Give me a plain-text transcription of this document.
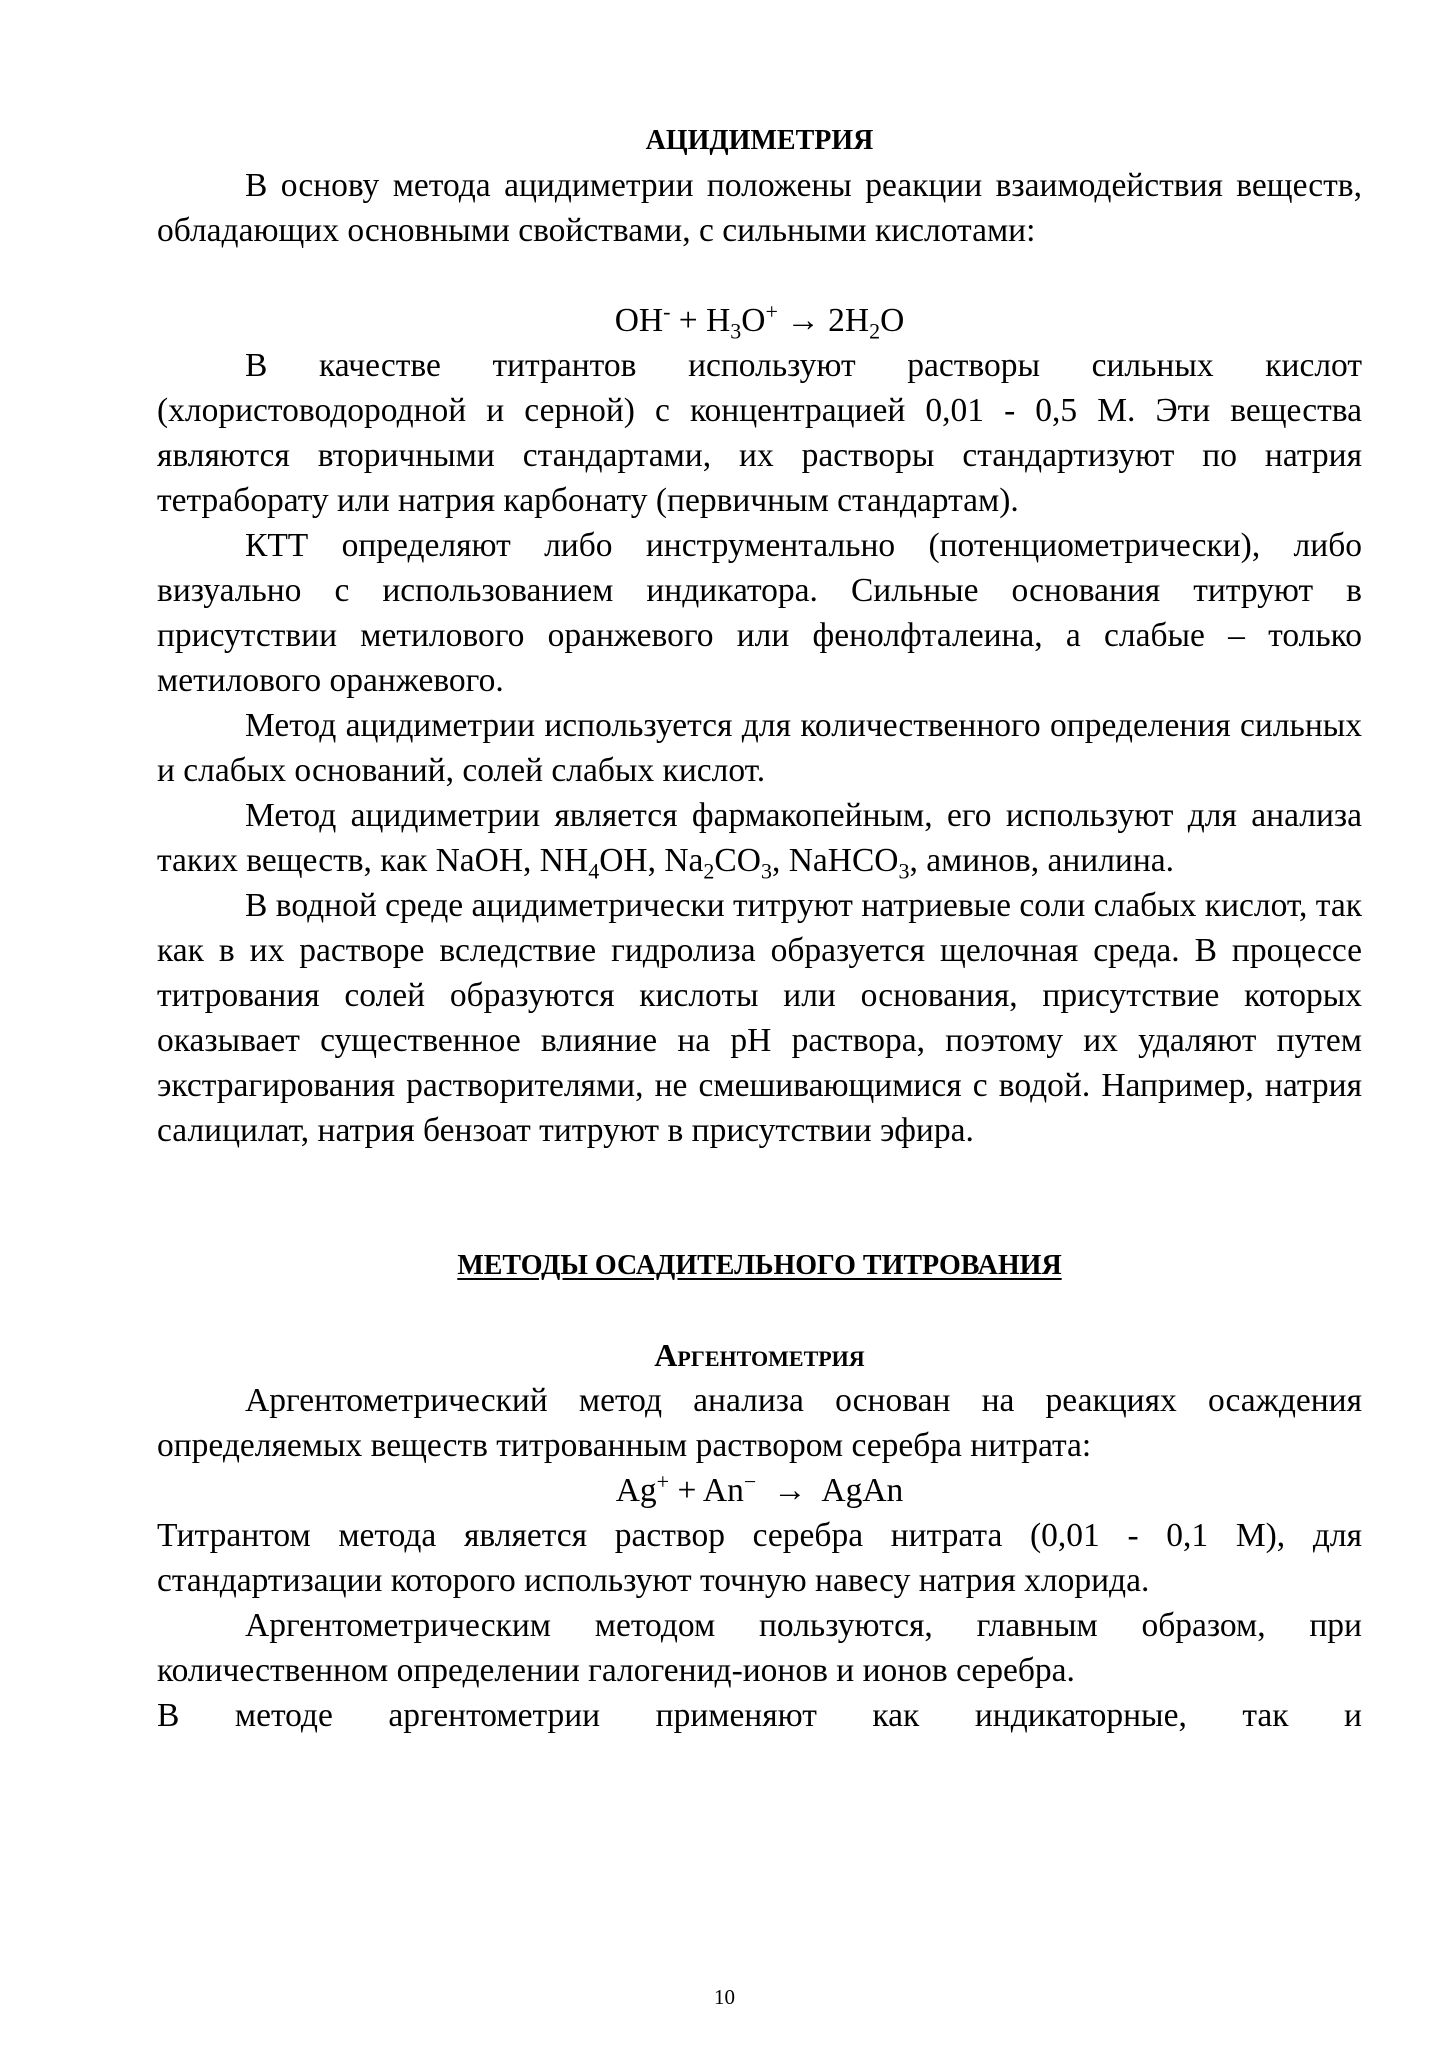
АЦИДИМЕТРИЯ

В основу метода ацидиметрии положены реакции взаимодействия веществ, обладающих основными свойствами, с сильными кислотами:

$OH^- + H_3O^+ \to 2H_2O$

В качестве титрантов используют растворы сильных кислот (хлористоводородной и серной) с концентрацией 0,01 - 0,5 М. Эти вещества являются вторичными стандартами, их растворы стандартизуют по натрия тетраборату или натрия карбонату (первичным стандартам).

КТТ определяют либо инструментально (потенциометрически), либо визуально с использованием индикатора. Сильные основания титруют в присутствии метилового оранжевого или фенолфталеина, а слабые – только метилового оранжевого.

Метод ацидиметрии используется для количественного определения сильных и слабых оснований, солей слабых кислот.

Метод ацидиметрии является фармакопейным, его используют для анализа таких веществ, как NaOH, $NH_4OH$, $Na_2CO_3$, NaHCO$_3$, аминов, анилина.

В водной среде ацидиметрически титруют натриевые соли слабых кислот, так как в их растворе вследствие гидролиза образуется щелочная среда. В процессе титрования солей образуются кислоты или основания, присутствие которых оказывает существенное влияние на pH раствора, поэтому их удаляют путем экстрагирования растворителями, не смешивающимися с водой. Например, натрия салицилат, натрия бензоат титруют в присутствии эфира.

МЕТОДЫ ОСАДИТЕЛЬНОГО ТИТРОВАНИЯ
Аргентометрия

Аргентометрический метод анализа основан на реакциях осаждения определяемых веществ титрованным раствором серебра нитрата:

Ag+ + An−  →  AgAn

Титрантом метода является раствор серебра нитрата (0,01 - 0,1 М), для стандартизации которого используют точную навесу натрия хлорида.

Аргентометрическим методом пользуются, главным образом, при количественном определении галогенид-ионов и ионов серебра.

В методе аргентометрии применяют как индикаторные, так и

10
